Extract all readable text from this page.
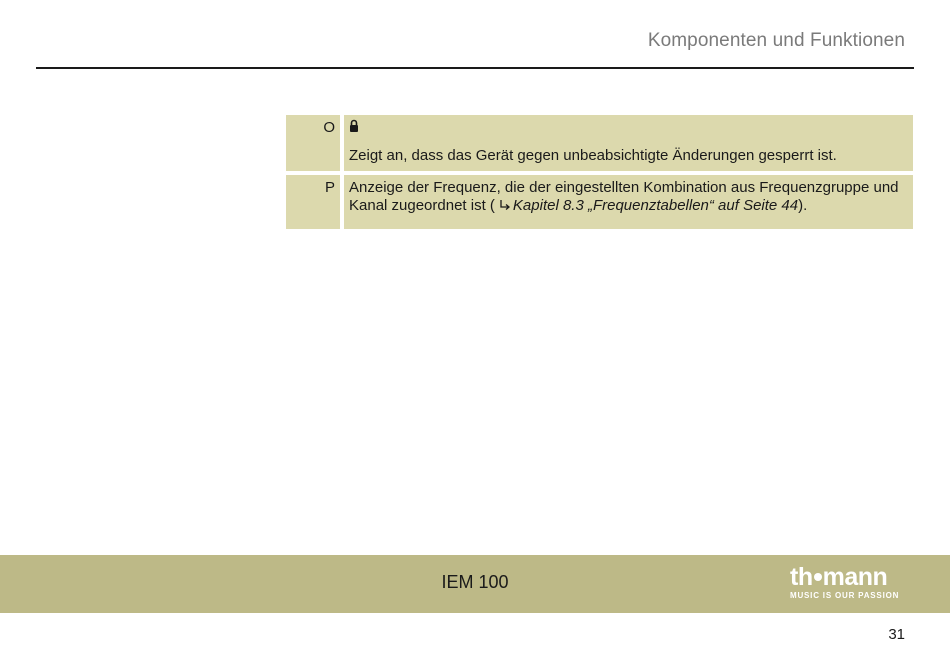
Komponenten und Funktionen
O
Zeigt an, dass das Gerät gegen unbeabsichtigte Änderungen gesperrt ist.
P Anzeige der Frequenz, die der eingestellten Kombination aus Frequenzgruppe und Kanal zugeordnet ist ( Kapitel 8.3 „Frequenztabellen“ auf Seite 44).
IEM 100	th mann
MUSIC IS OUR PASSION
31
